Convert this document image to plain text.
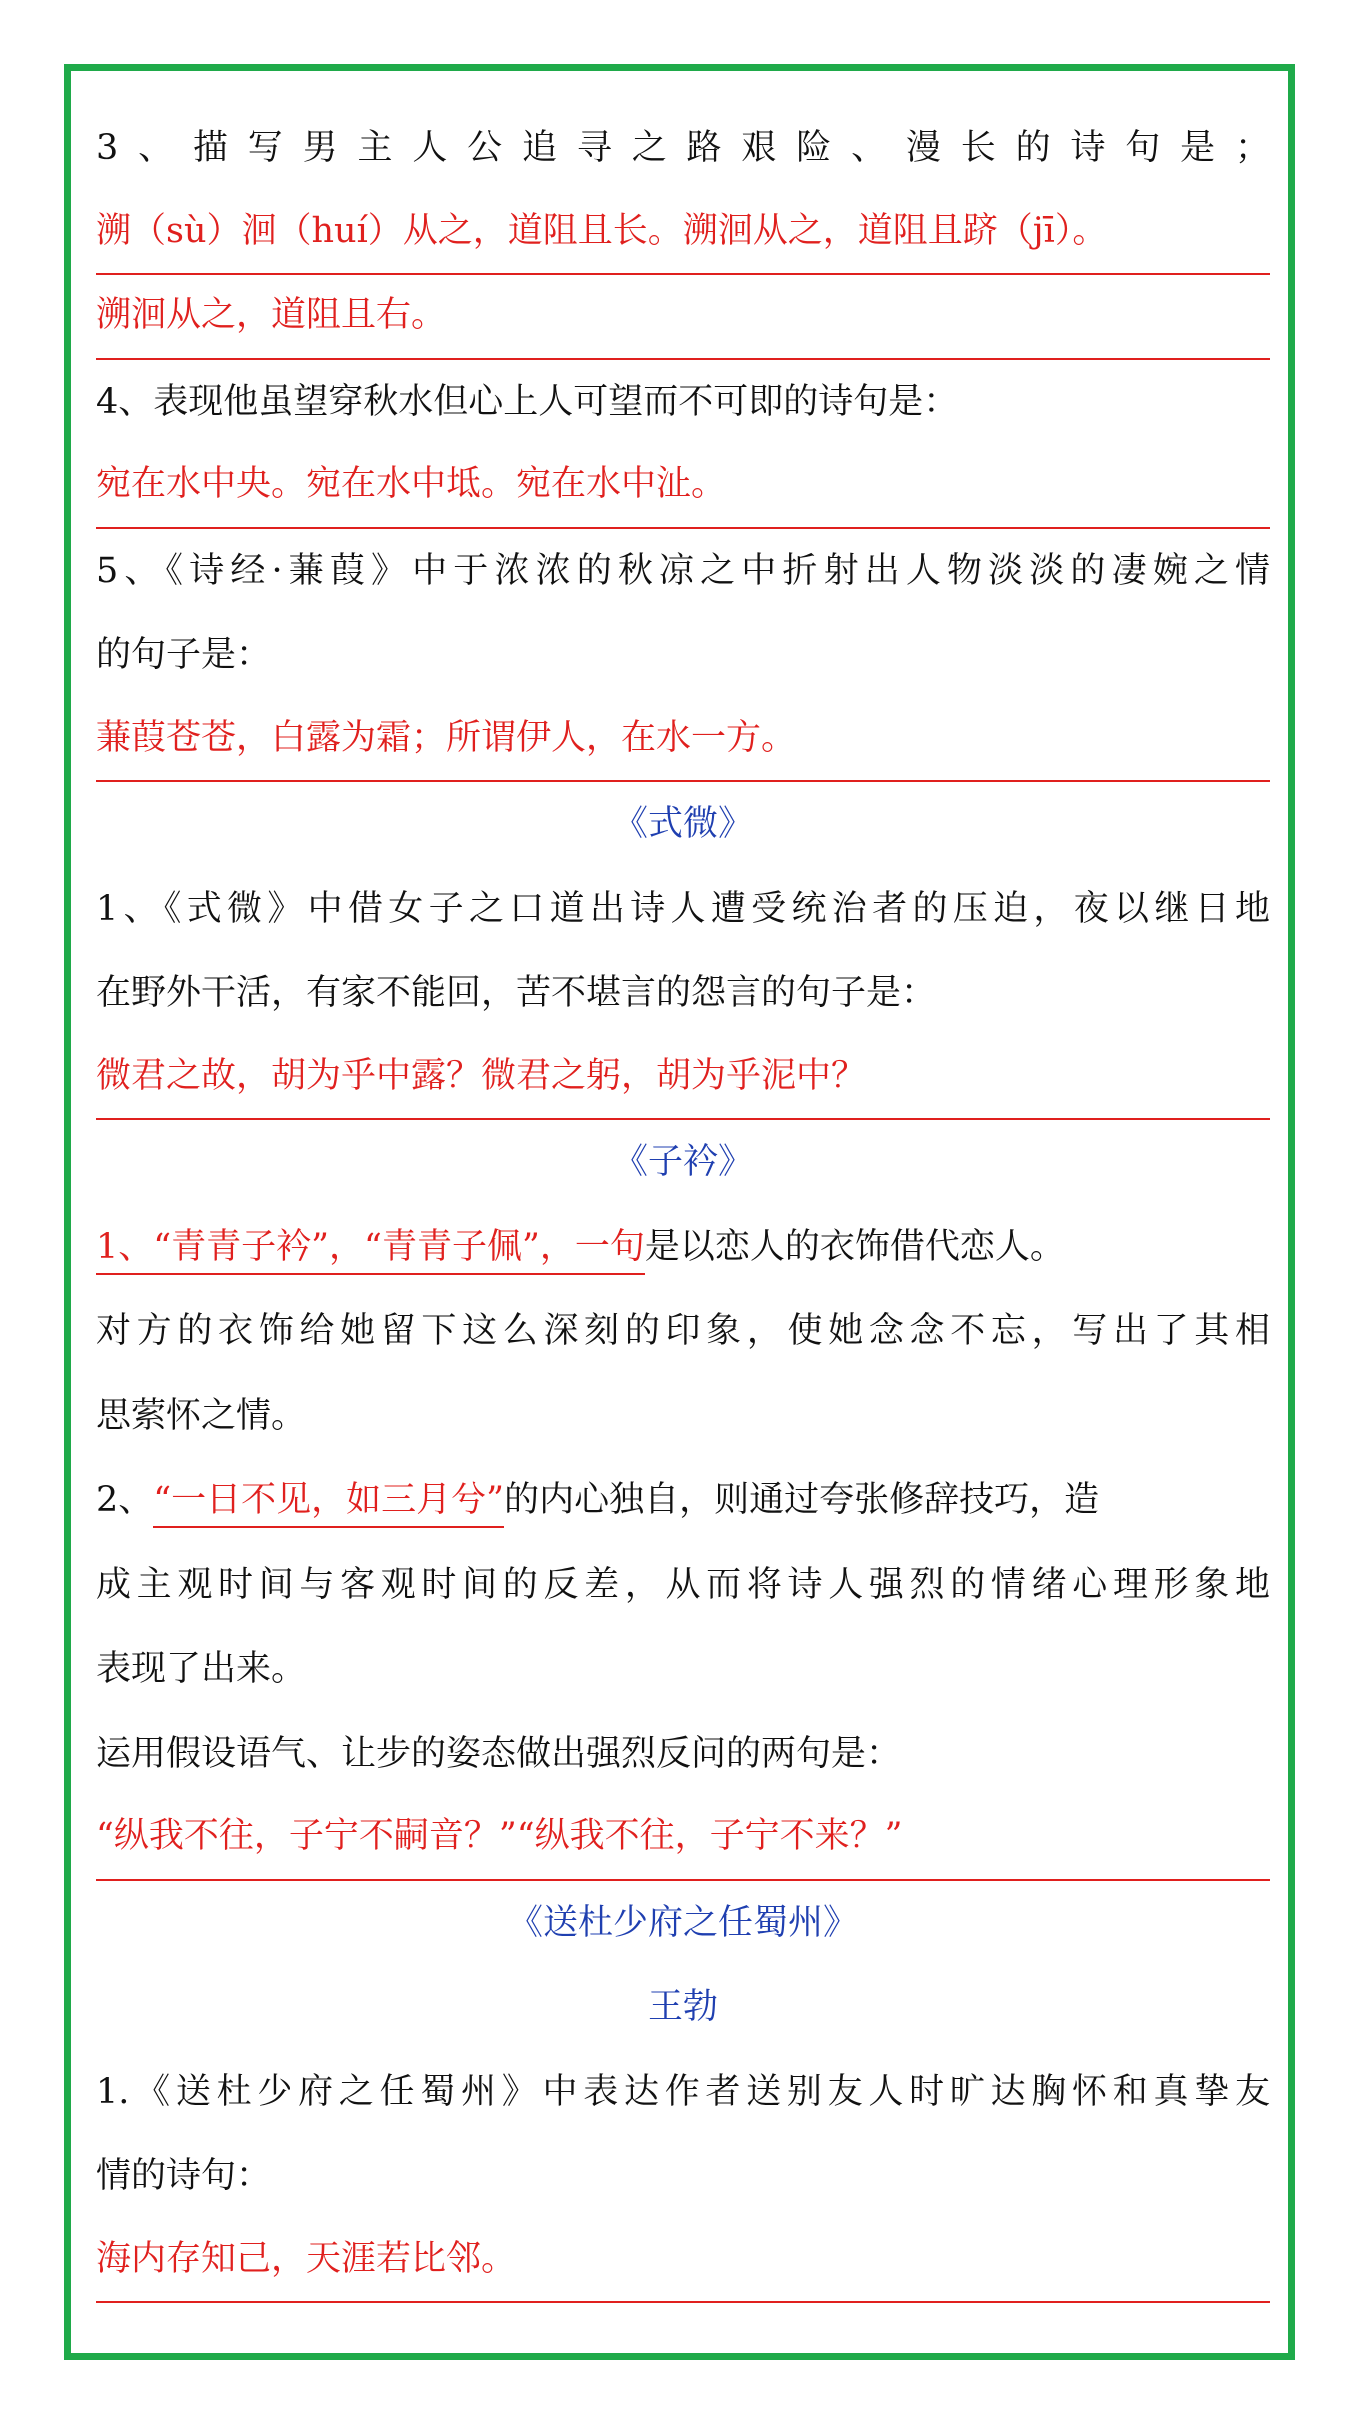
3、描写男主人公追寻之路艰险、漫长的诗句是；
溯（sù）洄（huí）从之，道阻且长。溯洄从之，道阻且跻（jī）。
溯洄从之，道阻且右。
4、表现他虽望穿秋水但心上人可望而不可即的诗句是：
宛在水中央。宛在水中坻。宛在水中沚。
5、《诗经·蒹葭》中于浓浓的秋凉之中折射出人物淡淡的凄婉之情
的句子是：
蒹葭苍苍，白露为霜；所谓伊人，在水一方。
《式微》
1、《式微》中借女子之口道出诗人遭受统治者的压迫，夜以继日地
在野外干活，有家不能回，苦不堪言的怨言的句子是：
微君之故，胡为乎中露？微君之躬，胡为乎泥中？
《子衿》
1、“青青子衿”，“青青子佩”，一句是以恋人的衣饰借代恋人。
对方的衣饰给她留下这么深刻的印象，使她念念不忘，写出了其相
思萦怀之情。
2、“一日不见，如三月兮”的内心独自，则通过夸张修辞技巧，造
成主观时间与客观时间的反差，从而将诗人强烈的情绪心理形象地
表现了出来。
运用假设语气、让步的姿态做出强烈反问的两句是：
“纵我不往，子宁不嗣音？”“纵我不往，子宁不来？”
《送杜少府之任蜀州》
王勃
1.《送杜少府之任蜀州》中表达作者送别友人时旷达胸怀和真挚友
情的诗句：
海内存知己，天涯若比邻。
